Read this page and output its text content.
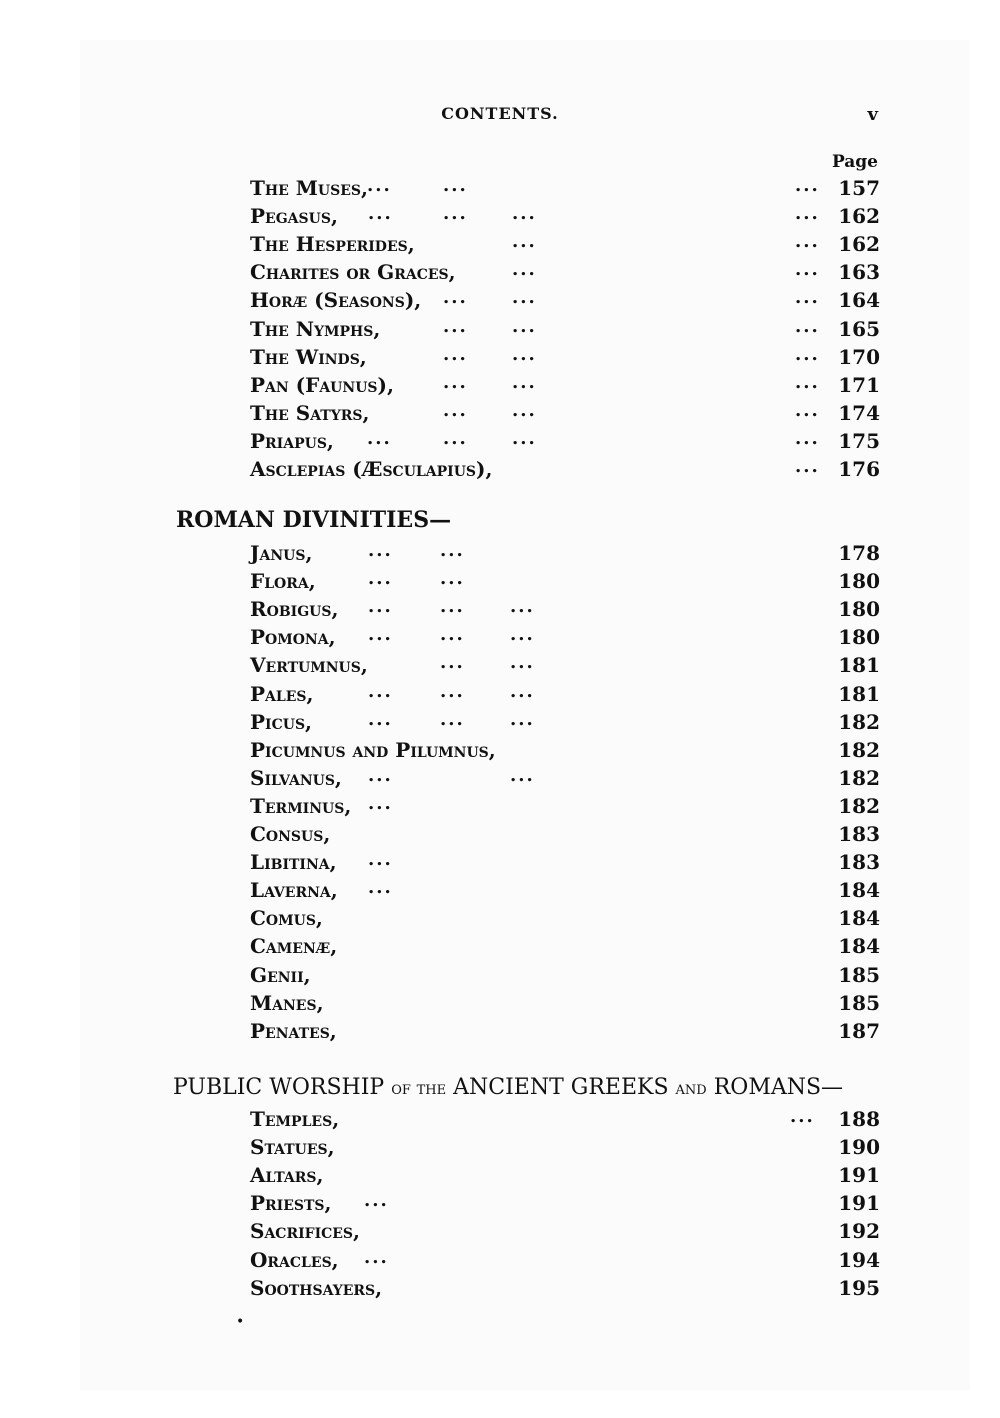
CONTENTS.	v
Page
The Muses, ...	...	... 157
Pegasus, ...	... ...	... 162
The Hesperides,	...	... 162
Charites or Graces,	...	... 163
Horæ (Seasons), ... ...	... 164
The Nymphs,	... ...	... 165
The Winds,	... ...	... 170
Pan (Faunus),	... ...	... 171
The Satyrs,	... ...	... 174
Priapus, ...	... ...	... 175
Asclepias (Æsculapius),	... 176
ROMAN DIVINITIES—
Janus,	...	...	178
Flora,	...	...	180
Robigus, ...	...	...	180
Pomona, ...	...	...	180
Vertumnus,	...	...	181
Pales,	...	...	...	181
Picus,	...	...	...	182
Picumnus and Pilumnus,	182
Silvanus, ...	...	182
Terminus, ...	182
Consus,	183
Libitina, ...	183
Laverna, ...	184
Comus,	184
Camenæ,	184
Genii,	185
Manes,	185
Penates,	187
PUBLIC WORSHIP of the ANCIENT GREEKS and ROMANS—
Temples,	... 188
Statues,	190
Altars,	191
Priests, ...	191
Sacrifices,	192
Oracles, ...	194
Soothsayers,	195
•
